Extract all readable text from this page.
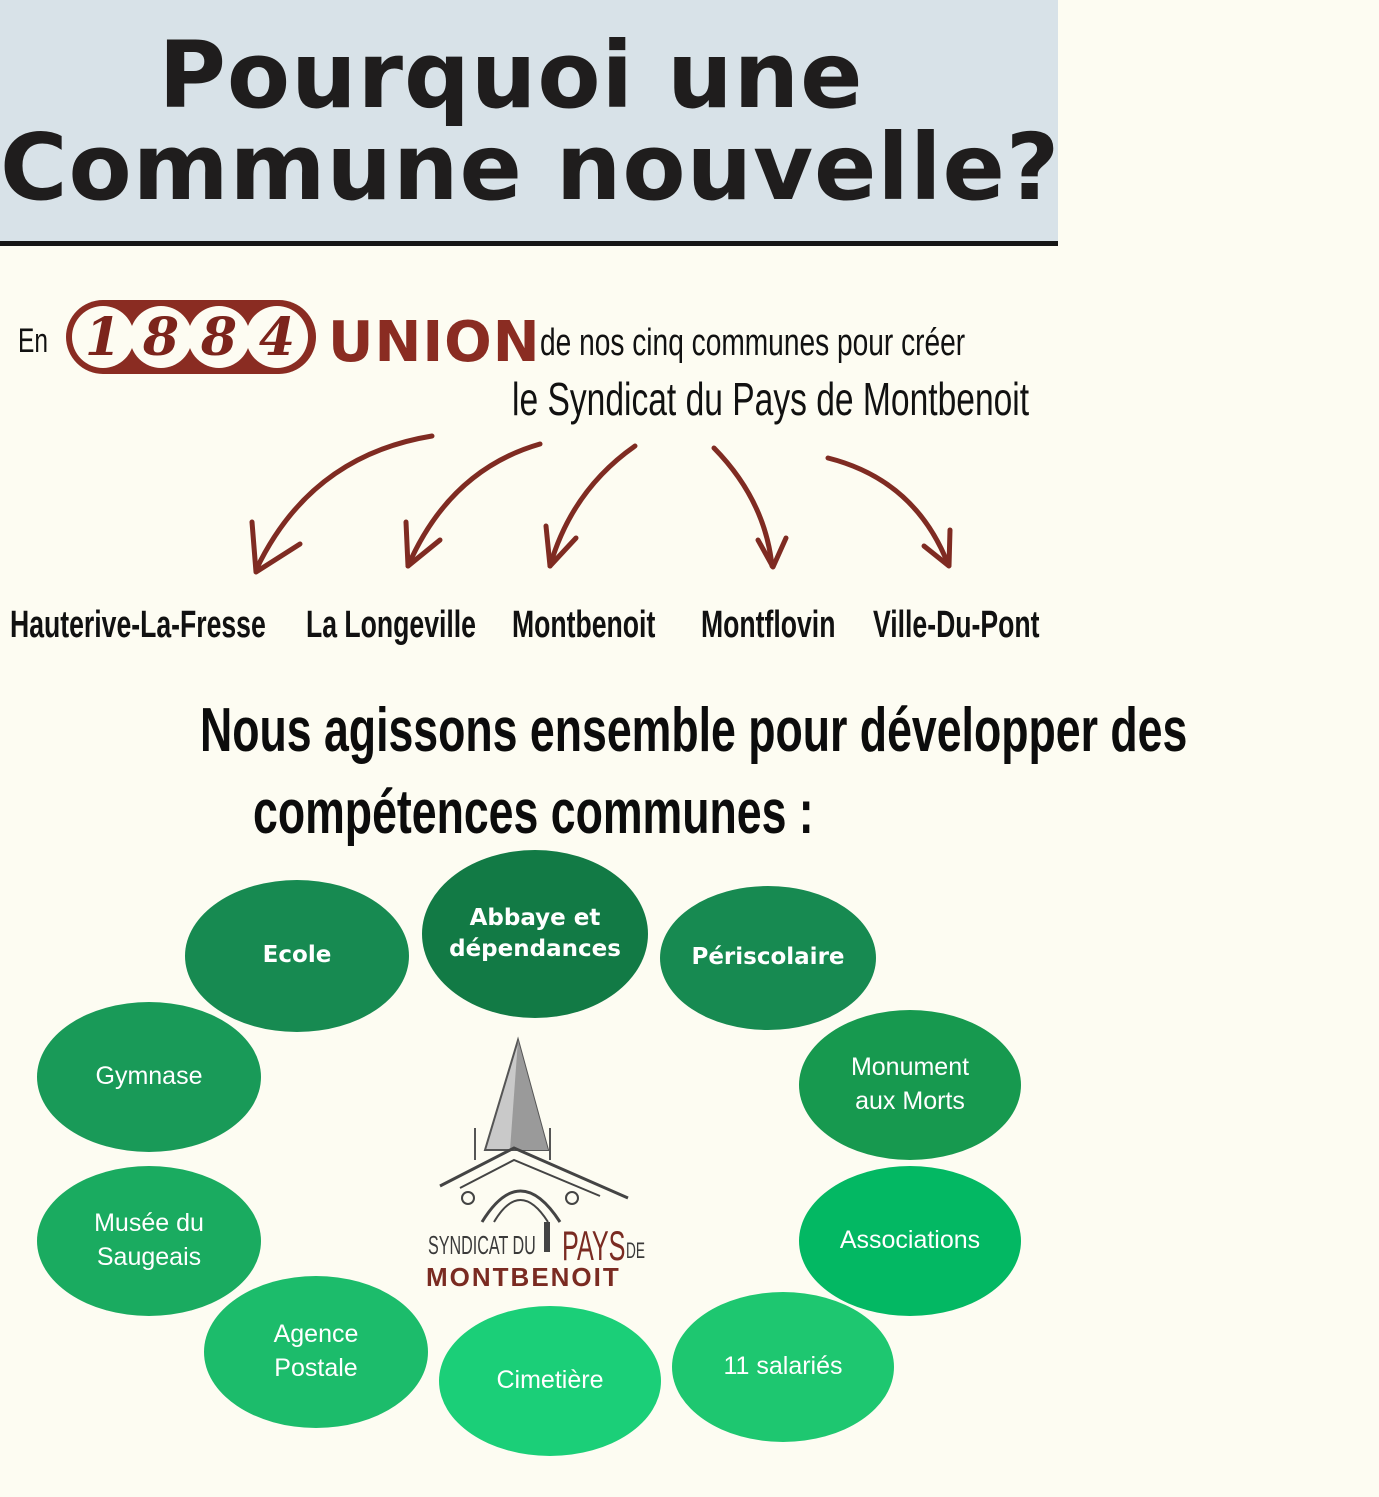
Pourquoi une
Commune nouvelle?
En 1 8 8 4 UNION de nos cinq communes pour créer
le Syndicat du Pays de Montbenoit
Hauterive-La-Fresse La Longeville Montbenoit Montflovin Ville-Du-Pont
Nous agissons ensemble pour développer des
compétences communes :
Ecole
Abbaye et dépendances	Périscolaire
Gymnase	Monument aux Morts
Musée du Saugeais
Associations
Agence Postale	Cimetière	11 salariés
SYNDICAT DU PAYS DE
MONTBENOIT
